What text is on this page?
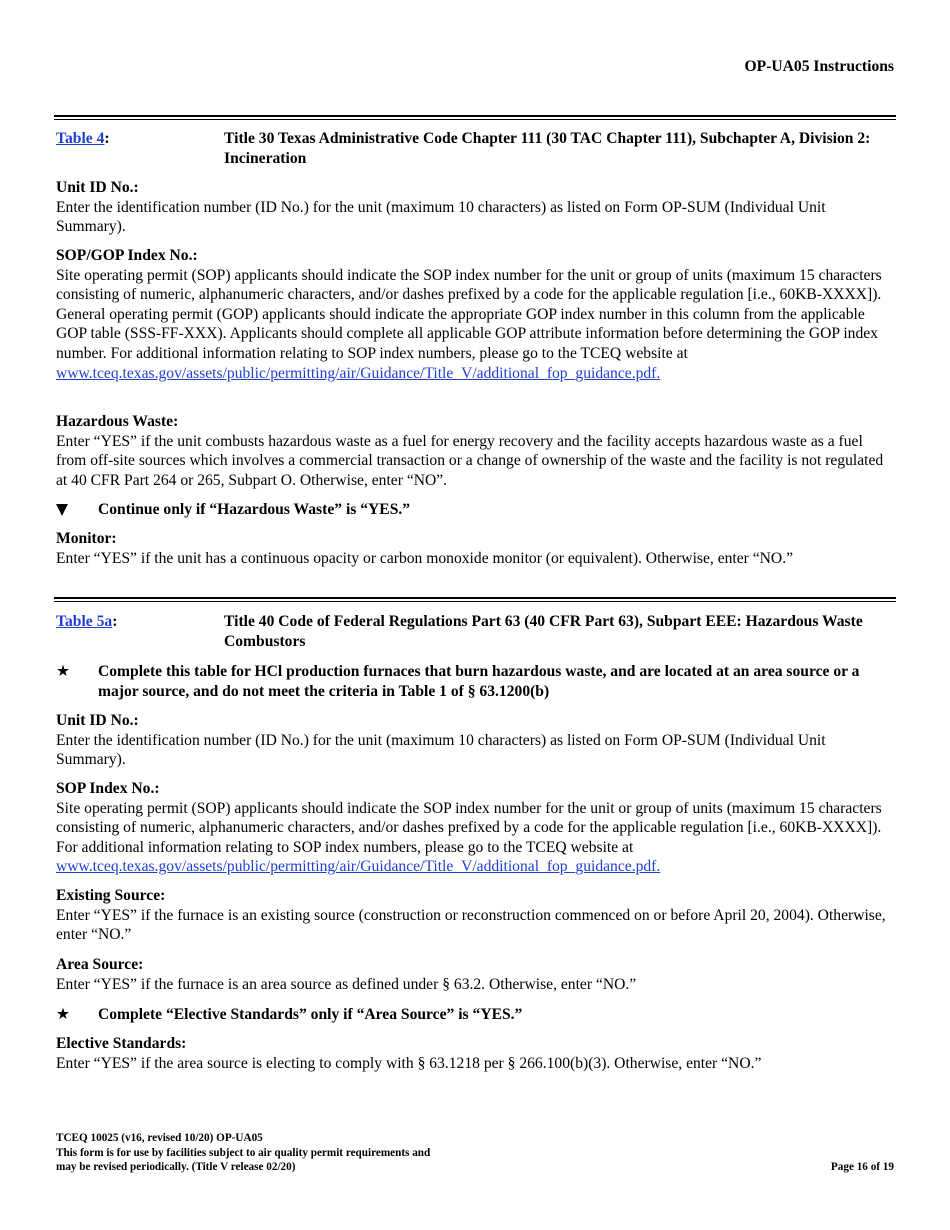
OP-UA05 Instructions
Table 4:	Title 30 Texas Administrative Code Chapter 111 (30 TAC Chapter 111), Subchapter A, Division 2: Incineration
Unit ID No.:
Enter the identification number (ID No.) for the unit (maximum 10 characters) as listed on Form OP-SUM (Individual Unit Summary).
SOP/GOP Index No.:
Site operating permit (SOP) applicants should indicate the SOP index number for the unit or group of units (maximum 15 characters consisting of numeric, alphanumeric characters, and/or dashes prefixed by a code for the applicable regulation [i.e., 60KB-XXXX]). General operating permit (GOP) applicants should indicate the appropriate GOP index number in this column from the applicable GOP table (SSS-FF-XXX). Applicants should complete all applicable GOP attribute information before determining the GOP index number. For additional information relating to SOP index numbers, please go to the TCEQ website at
www.tceq.texas.gov/assets/public/permitting/air/Guidance/Title_V/additional_fop_guidance.pdf.
Hazardous Waste:
Enter “YES” if the unit combusts hazardous waste as a fuel for energy recovery and the facility accepts hazardous waste as a fuel from off-site sources which involves a commercial transaction or a change of ownership of the waste and the facility is not regulated at 40 CFR Part 264 or 265, Subpart O. Otherwise, enter “NO”.
▼	Continue only if “Hazardous Waste” is “YES.”
Monitor:
Enter “YES” if the unit has a continuous opacity or carbon monoxide monitor (or equivalent). Otherwise, enter “NO.”
Table 5a:	Title 40 Code of Federal Regulations Part 63 (40 CFR Part 63), Subpart EEE: Hazardous Waste Combustors
★	Complete this table for HCl production furnaces that burn hazardous waste, and are located at an area source or a major source, and do not meet the criteria in Table 1 of § 63.1200(b)
Unit ID No.:
Enter the identification number (ID No.) for the unit (maximum 10 characters) as listed on Form OP-SUM (Individual Unit Summary).
SOP Index No.:
Site operating permit (SOP) applicants should indicate the SOP index number for the unit or group of units (maximum 15 characters consisting of numeric, alphanumeric characters, and/or dashes prefixed by a code for the applicable regulation [i.e., 60KB-XXXX]). For additional information relating to SOP index numbers, please go to the TCEQ website at www.tceq.texas.gov/assets/public/permitting/air/Guidance/Title_V/additional_fop_guidance.pdf.
Existing Source:
Enter “YES” if the furnace is an existing source (construction or reconstruction commenced on or before April 20, 2004). Otherwise, enter “NO.”
Area Source:
Enter “YES” if the furnace is an area source as defined under § 63.2. Otherwise, enter “NO.”
★	Complete “Elective Standards” only if “Area Source” is “YES.”
Elective Standards:
Enter “YES” if the area source is electing to comply with § 63.1218 per § 266.100(b)(3). Otherwise, enter “NO.”
TCEQ 10025 (v16, revised 10/20) OP-UA05
This form is for use by facilities subject to air quality permit requirements and
may be revised periodically. (Title V release 02/20)	Page 16 of 19
